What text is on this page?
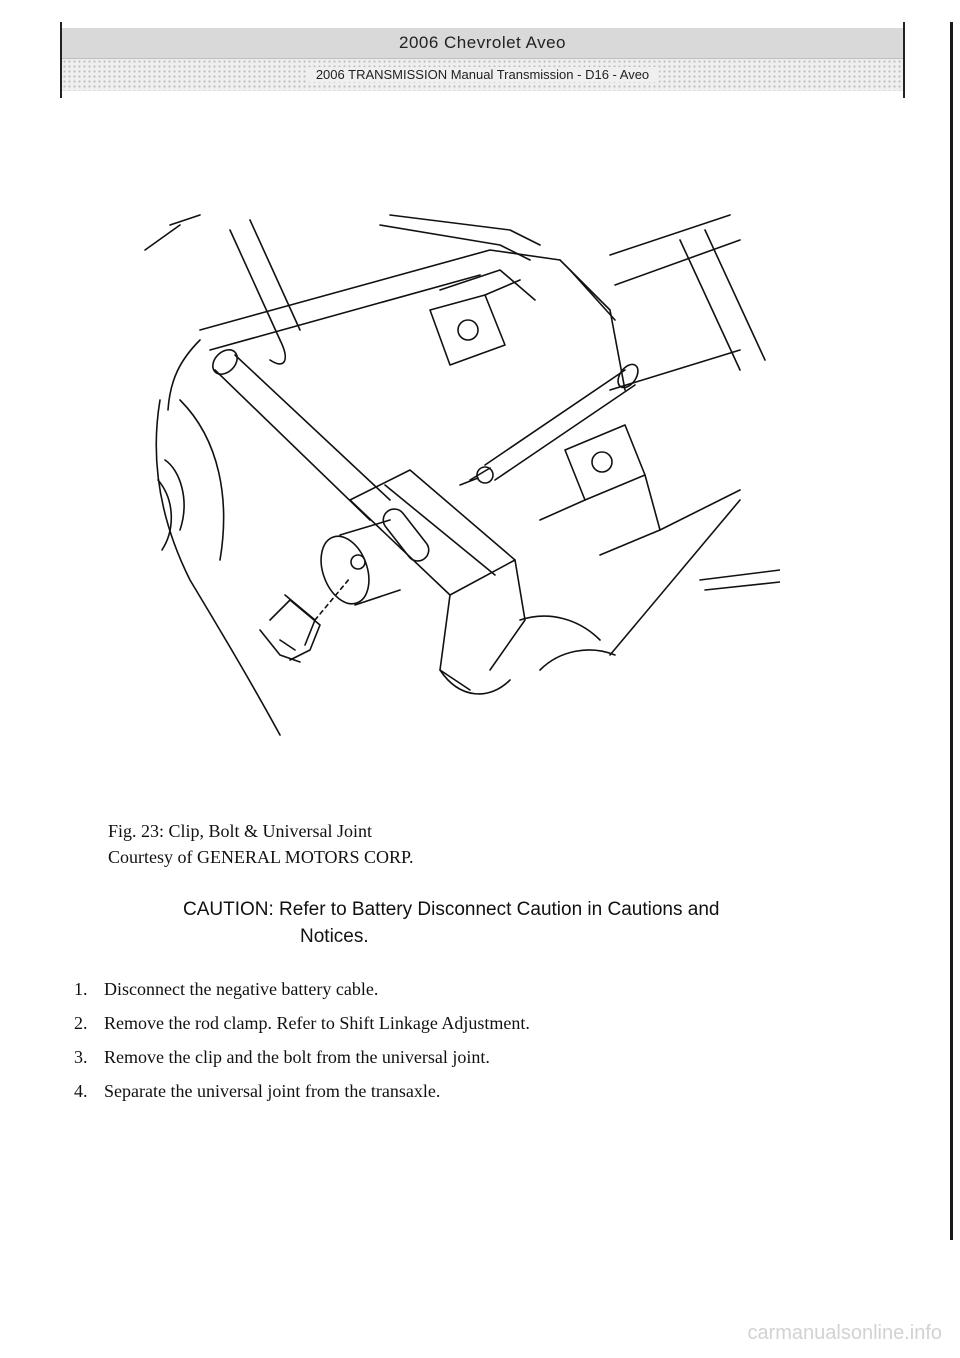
2006 Chevrolet Aveo
2006 TRANSMISSION Manual Transmission - D16 - Aveo
Fig. 23: Clip, Bolt & Universal Joint
Courtesy of GENERAL MOTORS CORP.
CAUTION: Refer to Battery Disconnect Caution in Cautions and
Notices.
1. Disconnect the negative battery cable.
2. Remove the rod clamp. Refer to Shift Linkage Adjustment.
3. Remove the clip and the bolt from the universal joint.
4. Separate the universal joint from the transaxle.
carmanualsonline.info
